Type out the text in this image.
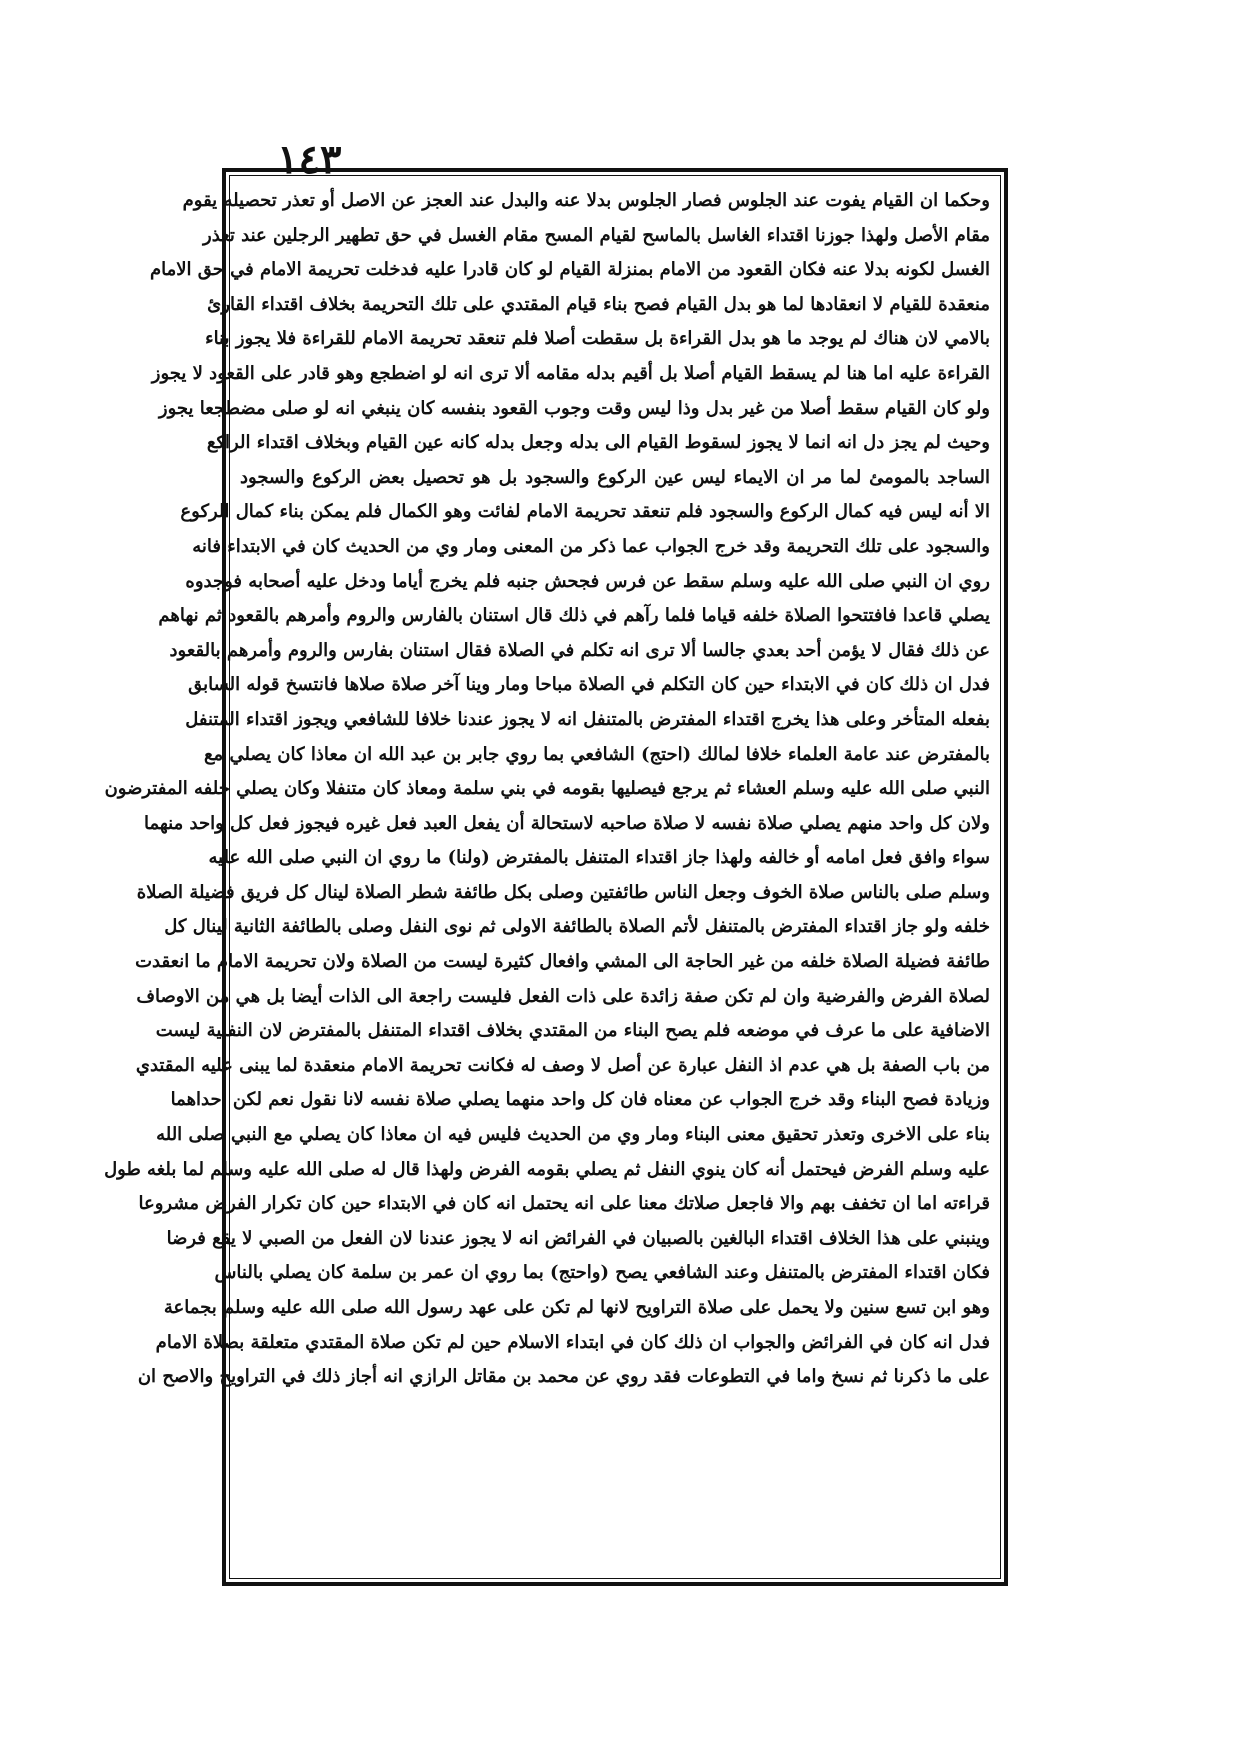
١٤٣
وحكما ان القيام يفوت عند الجلوس فصار الجلوس بدلا عنه والبدل عند العجز عن الاصل أو تعذر تحصيله يقوم
مقام الأصل ولهذا جوزنا اقتداء الغاسل بالماسح لقيام المسح مقام الغسل في حق تطهير الرجلين عند تعذر
الغسل لكونه بدلا عنه فكان القعود من الامام بمنزلة القيام لو كان قادرا عليه فدخلت تحريمة الامام في حق الامام
منعقدة للقيام لا انعقادها لما هو بدل القيام فصح بناء قيام المقتدي على تلك التحريمة بخلاف اقتداء القارئ
بالامي لان هناك لم يوجد ما هو بدل القراءة بل سقطت أصلا فلم تنعقد تحريمة الامام للقراءة فلا يجوز بناء
القراءة عليه اما هنا لم يسقط القيام أصلا بل أقيم بدله مقامه ألا ترى انه لو اضطجع وهو قادر على القعود لا يجوز
ولو كان القيام سقط أصلا من غير بدل وذا ليس وقت وجوب القعود بنفسه كان ينبغي انه لو صلى مضطجعا يجوز
وحيث لم يجز دل انه انما لا يجوز لسقوط القيام الى بدله وجعل بدله كانه عين القيام وبخلاف اقتداء الراكع
الساجد بالمومئ لما مر ان الايماء ليس عين الركوع والسجود بل هو تحصيل بعض الركوع والسجود
الا أنه ليس فيه كمال الركوع والسجود فلم تنعقد تحريمة الامام لفائت وهو الكمال فلم يمكن بناء كمال الركوع
والسجود على تلك التحريمة وقد خرج الجواب عما ذكر من المعنى ومار وي من الحديث كان في الابتداء فانه
روي ان النبي صلى الله عليه وسلم سقط عن فرس فجحش جنبه فلم يخرج أياما ودخل عليه أصحابه فوجدوه
يصلي قاعدا فافتتحوا الصلاة خلفه قياما فلما رآهم في ذلك قال استنان بالفارس والروم وأمرهم بالقعود ثم نهاهم
عن ذلك فقال لا يؤمن أحد بعدي جالسا ألا ترى انه تكلم في الصلاة فقال استنان بفارس والروم وأمرهم بالقعود
فدل ان ذلك كان في الابتداء حين كان التكلم في الصلاة مباحا ومار وينا آخر صلاة صلاها فانتسخ قوله السابق
بفعله المتأخر وعلى هذا يخرج اقتداء المفترض بالمتنفل انه لا يجوز عندنا خلافا للشافعي ويجوز اقتداء المتنفل
بالمفترض عند عامة العلماء خلافا لمالك (احتج) الشافعي بما روي جابر بن عبد الله ان معاذا كان يصلي مع
النبي صلى الله عليه وسلم العشاء ثم يرجع فيصليها بقومه في بني سلمة ومعاذ كان متنفلا وكان يصلي خلفه المفترضون
ولان كل واحد منهم يصلي صلاة نفسه لا صلاة صاحبه لاستحالة أن يفعل العبد فعل غيره فيجوز فعل كل واحد منهما
سواء وافق فعل امامه أو خالفه ولهذا جاز اقتداء المتنفل بالمفترض (ولنا) ما روي ان النبي صلى الله عليه
وسلم صلى بالناس صلاة الخوف وجعل الناس طائفتين وصلى بكل طائفة شطر الصلاة لينال كل فريق فضيلة الصلاة
خلفه ولو جاز اقتداء المفترض بالمتنفل لأتم الصلاة بالطائفة الاولى ثم نوى النفل وصلى بالطائفة الثانية لينال كل
طائفة فضيلة الصلاة خلفه من غير الحاجة الى المشي وافعال كثيرة ليست من الصلاة ولان تحريمة الامام ما انعقدت
لصلاة الفرض والفرضية وان لم تكن صفة زائدة على ذات الفعل فليست راجعة الى الذات أيضا بل هي من الاوصاف
الاضافية على ما عرف في موضعه فلم يصح البناء من المقتدي بخلاف اقتداء المتنفل بالمفترض لان النفلية ليست
من باب الصفة بل هي عدم اذ النفل عبارة عن أصل لا وصف له فكانت تحريمة الامام منعقدة لما يبنى عليه المقتدي
وزيادة فصح البناء وقد خرج الجواب عن معناه فان كل واحد منهما يصلي صلاة نفسه لانا نقول نعم لكن احداهما
بناء على الاخرى وتعذر تحقيق معنى البناء ومار وي من الحديث فليس فيه ان معاذا كان يصلي مع النبي صلى الله
عليه وسلم الفرض فيحتمل أنه كان ينوي النفل ثم يصلي بقومه الفرض ولهذا قال له صلى الله عليه وسلم لما بلغه طول
قراءته اما ان تخفف بهم والا فاجعل صلاتك معنا على انه يحتمل انه كان في الابتداء حين كان تكرار الفرض مشروعا
وينبني على هذا الخلاف اقتداء البالغين بالصبيان في الفرائض انه لا يجوز عندنا لان الفعل من الصبي لا يقع فرضا
فكان اقتداء المفترض بالمتنفل وعند الشافعي يصح (واحتج) بما روي ان عمر بن سلمة كان يصلي بالناس
وهو ابن تسع سنين ولا يحمل على صلاة التراويح لانها لم تكن على عهد رسول الله صلى الله عليه وسلم بجماعة
فدل انه كان في الفرائض والجواب ان ذلك كان في ابتداء الاسلام حين لم تكن صلاة المقتدي متعلقة بصلاة الامام
على ما ذكرنا ثم نسخ واما في التطوعات فقد روي عن محمد بن مقاتل الرازي انه أجاز ذلك في التراويح والاصح ان
